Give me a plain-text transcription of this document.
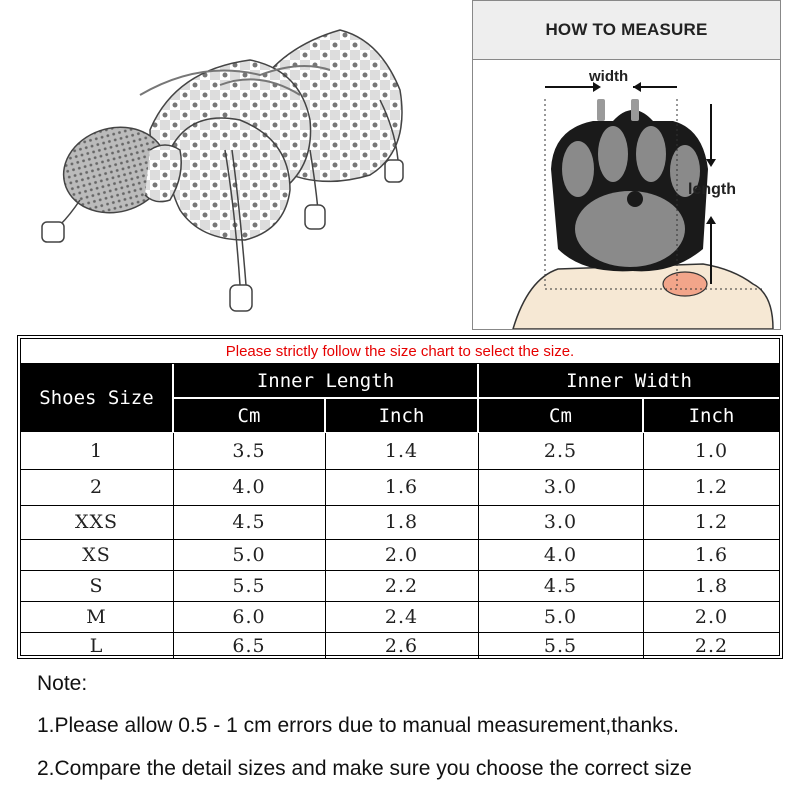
HOW TO MEASURE
width
length
Please strictly follow the size chart to select the size.
Shoes Size
Inner Length	Inner Width
Cm	Inch	Cm	Inch
1	3.5	1.4	2.5	1.0
2	4.0	1.6	3.0	1.2
XXS	4.5	1.8	3.0	1.2
XS	5.0	2.0	4.0	1.6
S	5.5	2.2	4.5	1.8
M	6.0	2.4	5.0	2.0
L	6.5	2.6	5.5	2.2
Note:
1.Please allow 0.5 - 1 cm errors due to manual measurement,thanks.
2.Compare the detail sizes and make sure you choose the correct size
